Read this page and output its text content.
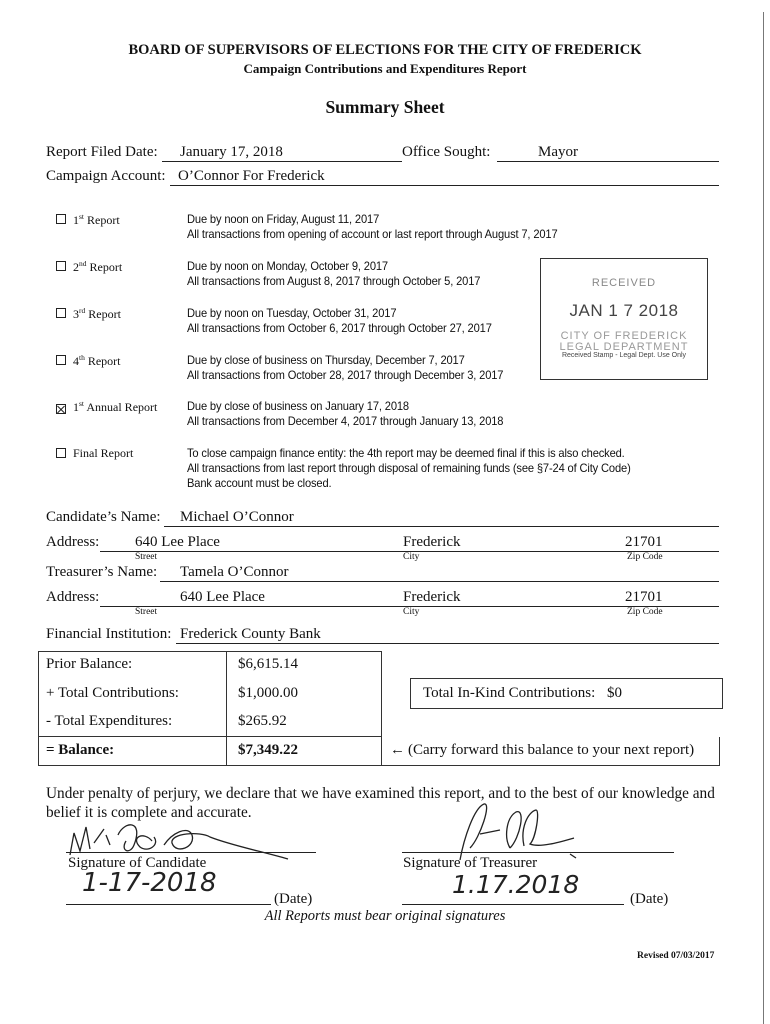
BOARD OF SUPERVISORS OF ELECTIONS FOR THE CITY OF FREDERICK
Campaign Contributions and Expenditures Report
Summary Sheet
Report Filed Date: January 17, 2018	Office Sought:	Mayor
Campaign Account: O’Connor For Frederick
1st Report	Due by noon on Friday, August 11, 2017
All transactions from opening of account or last report through August 7, 2017
2nd Report	Due by noon on Monday, October 9, 2017
All transactions from August 8, 2017 through October 5, 2017
3rd Report	Due by noon on Tuesday, October 31, 2017
All transactions from October 6, 2017 through October 27, 2017
4th Report	Due by close of business on Thursday, December 7, 2017
All transactions from October 28, 2017 through December 3, 2017
1st Annual Report	Due by close of business on January 17, 2018
All transactions from December 4, 2017 through January 13, 2018
Final Report	To close campaign finance entity: the 4th report may be deemed final if this is also checked.
All transactions from last report through disposal of remaining funds (see §7-24 of City Code)
Bank account must be closed.
RECEIVED
JAN 1 7 2018
CITY OF FREDERICK
LEGAL DEPARTMENT
Received Stamp - Legal Dept. Use Only
Candidate’s Name: Michael O’Connor
Address: 640 Lee Place	Frederick	21701
Street	City	Zip Code
Treasurer’s Name: Tamela O’Connor
Address:	640 Lee Place	Frederick	21701
Street	City	Zip Code
Financial Institution: Frederick County Bank
Prior Balance:	$6,615.14
+ Total Contributions:	$1,000.00
- Total Expenditures:	$265.92
= Balance:	$7,349.22
Total In-Kind Contributions: $0
← (Carry forward this balance to your next report)
Under penalty of perjury, we declare that we have examined this report, and to the best of our knowledge and belief it is complete and accurate.
Signature of Candidate	Signature of Treasurer
1-17-2018
(Date)	1.17.2018	(Date)
All Reports must bear original signatures
Revised 07/03/2017
